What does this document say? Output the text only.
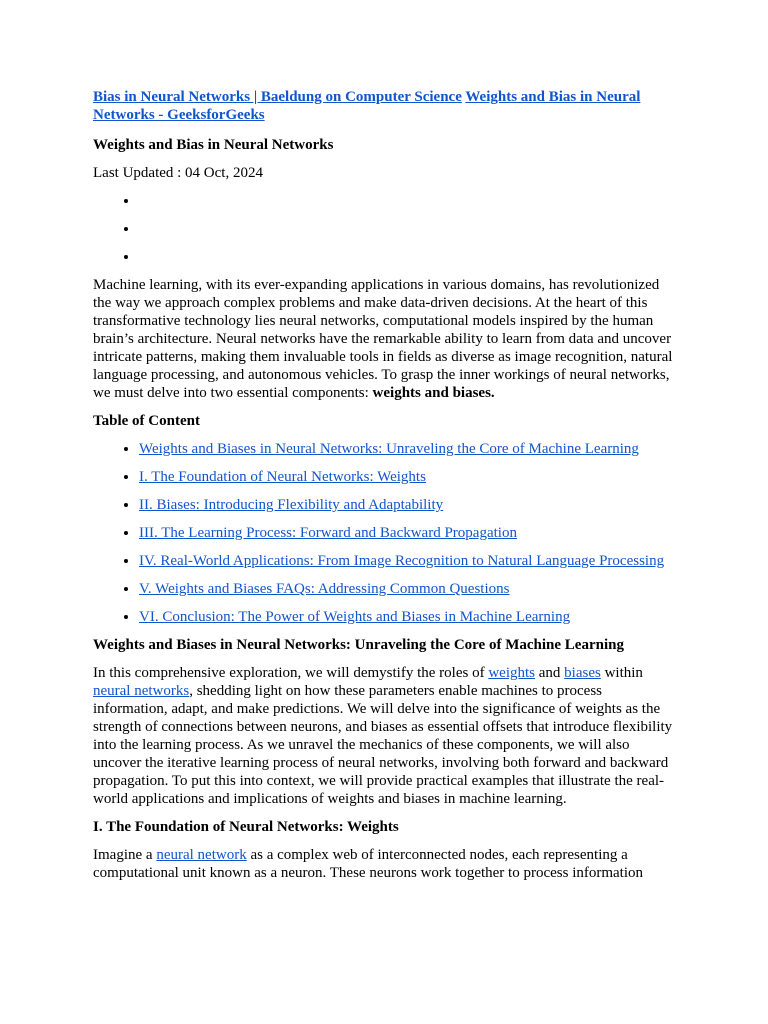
Bias in Neural Networks | Baeldung on Computer Science Weights and Bias in Neural Networks - GeeksforGeeks

Weights and Bias in Neural Networks

Last Updated : 04 Oct, 2024

•
•
•

Machine learning, with its ever-expanding applications in various domains, has revolutionized the way we approach complex problems and make data-driven decisions. At the heart of this transformative technology lies neural networks, computational models inspired by the human brain’s architecture. Neural networks have the remarkable ability to learn from data and uncover intricate patterns, making them invaluable tools in fields as diverse as image recognition, natural language processing, and autonomous vehicles. To grasp the inner workings of neural networks, we must delve into two essential components: weights and biases.

Table of Content

• Weights and Biases in Neural Networks: Unraveling the Core of Machine Learning
• I. The Foundation of Neural Networks: Weights
• II. Biases: Introducing Flexibility and Adaptability
• III. The Learning Process: Forward and Backward Propagation
• IV. Real-World Applications: From Image Recognition to Natural Language Processing
• V. Weights and Biases FAQs: Addressing Common Questions
• VI. Conclusion: The Power of Weights and Biases in Machine Learning

Weights and Biases in Neural Networks: Unraveling the Core of Machine Learning

In this comprehensive exploration, we will demystify the roles of weights and biases within neural networks, shedding light on how these parameters enable machines to process information, adapt, and make predictions. We will delve into the significance of weights as the strength of connections between neurons, and biases as essential offsets that introduce flexibility into the learning process. As we unravel the mechanics of these components, we will also uncover the iterative learning process of neural networks, involving both forward and backward propagation. To put this into context, we will provide practical examples that illustrate the real-world applications and implications of weights and biases in machine learning.

I. The Foundation of Neural Networks: Weights

Imagine a neural network as a complex web of interconnected nodes, each representing a computational unit known as a neuron. These neurons work together to process information
